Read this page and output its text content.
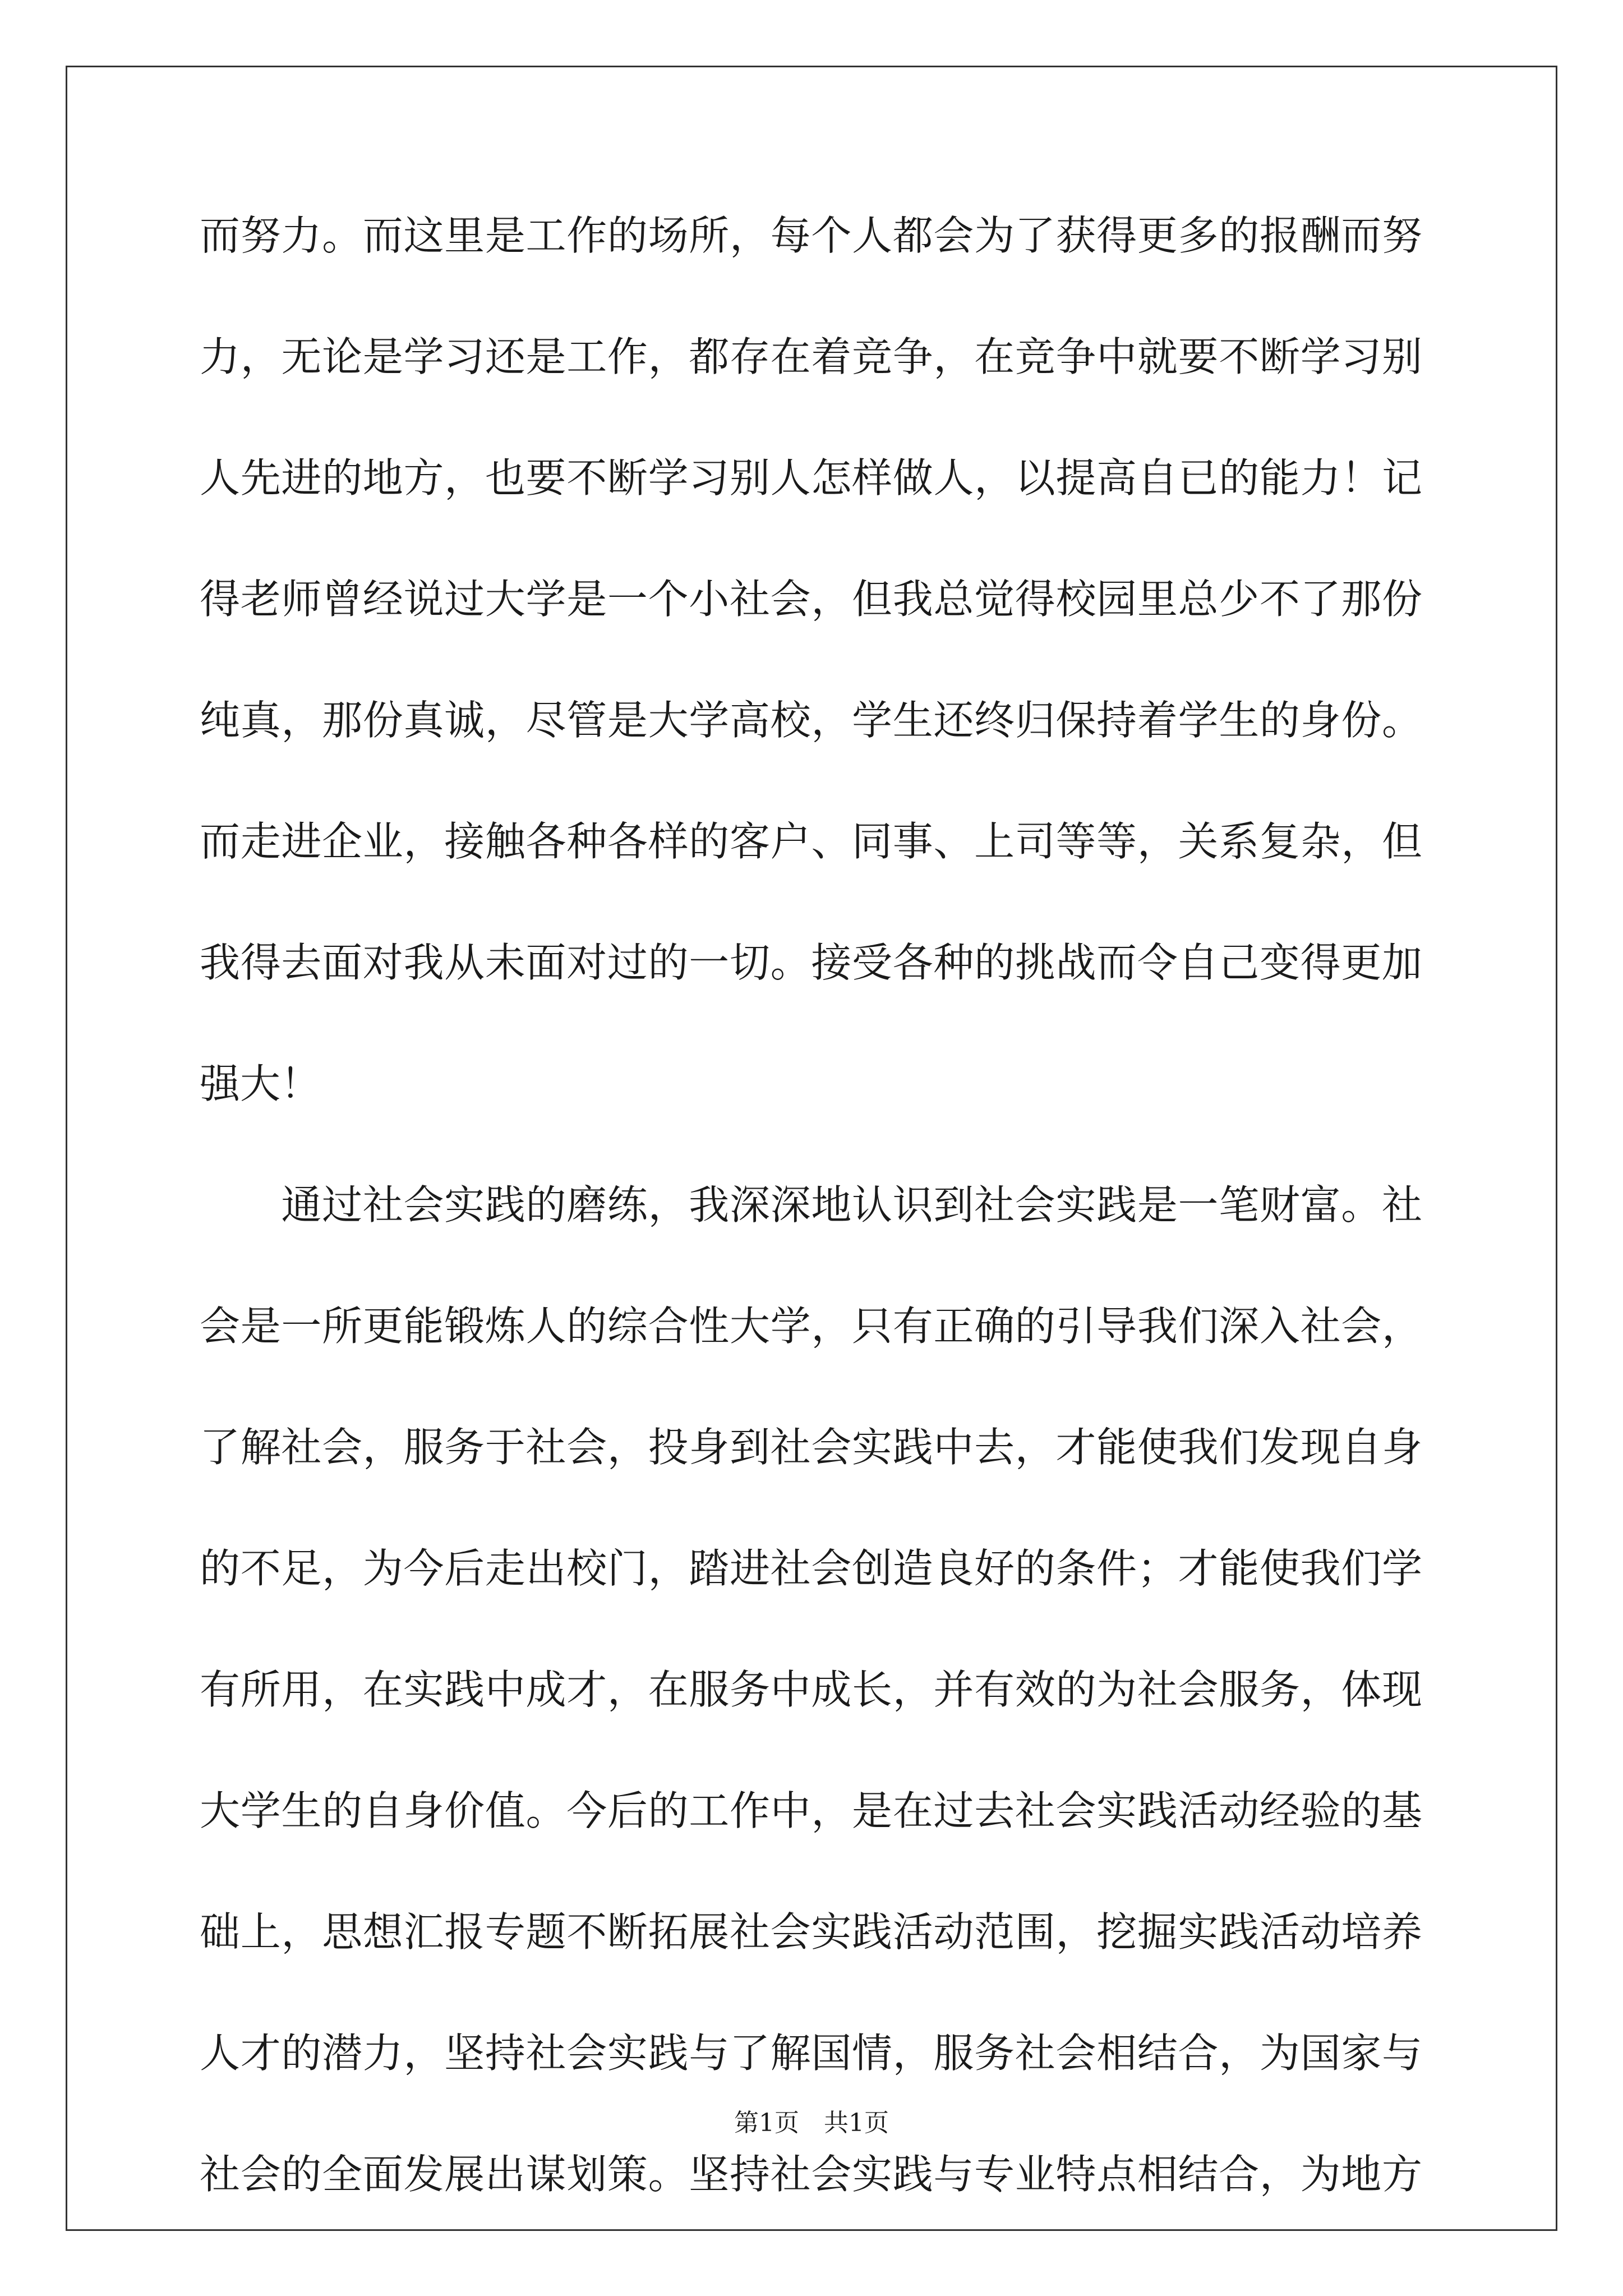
而努力。而这里是工作的场所，每个人都会为了获得更多的报酬而努
力，无论是学习还是工作，都存在着竞争，在竞争中就要不断学习别
人先进的地方，也要不断学习别人怎样做人，以提高自已的能力！记
得老师曾经说过大学是一个小社会，但我总觉得校园里总少不了那份
纯真，那份真诚，尽管是大学高校，学生还终归保持着学生的身份。
而走进企业，接触各种各样的客户、同事、上司等等，关系复杂，但
我得去面对我从未面对过的一切。接受各种的挑战而令自己变得更加
强大！
　　通过社会实践的磨练，我深深地认识到社会实践是一笔财富。社
会是一所更能锻炼人的综合性大学，只有正确的引导我们深入社会，
了解社会，服务于社会，投身到社会实践中去，才能使我们发现自身
的不足，为今后走出校门，踏进社会创造良好的条件；才能使我们学
有所用，在实践中成才，在服务中成长，并有效的为社会服务，体现
大学生的自身价值。今后的工作中，是在过去社会实践活动经验的基
础上，思想汇报专题不断拓展社会实践活动范围，挖掘实践活动培养
人才的潜力，坚持社会实践与了解国情，服务社会相结合，为国家与
社会的全面发展出谋划策。坚持社会实践与专业特点相结合，为地方
第1页　共1页
